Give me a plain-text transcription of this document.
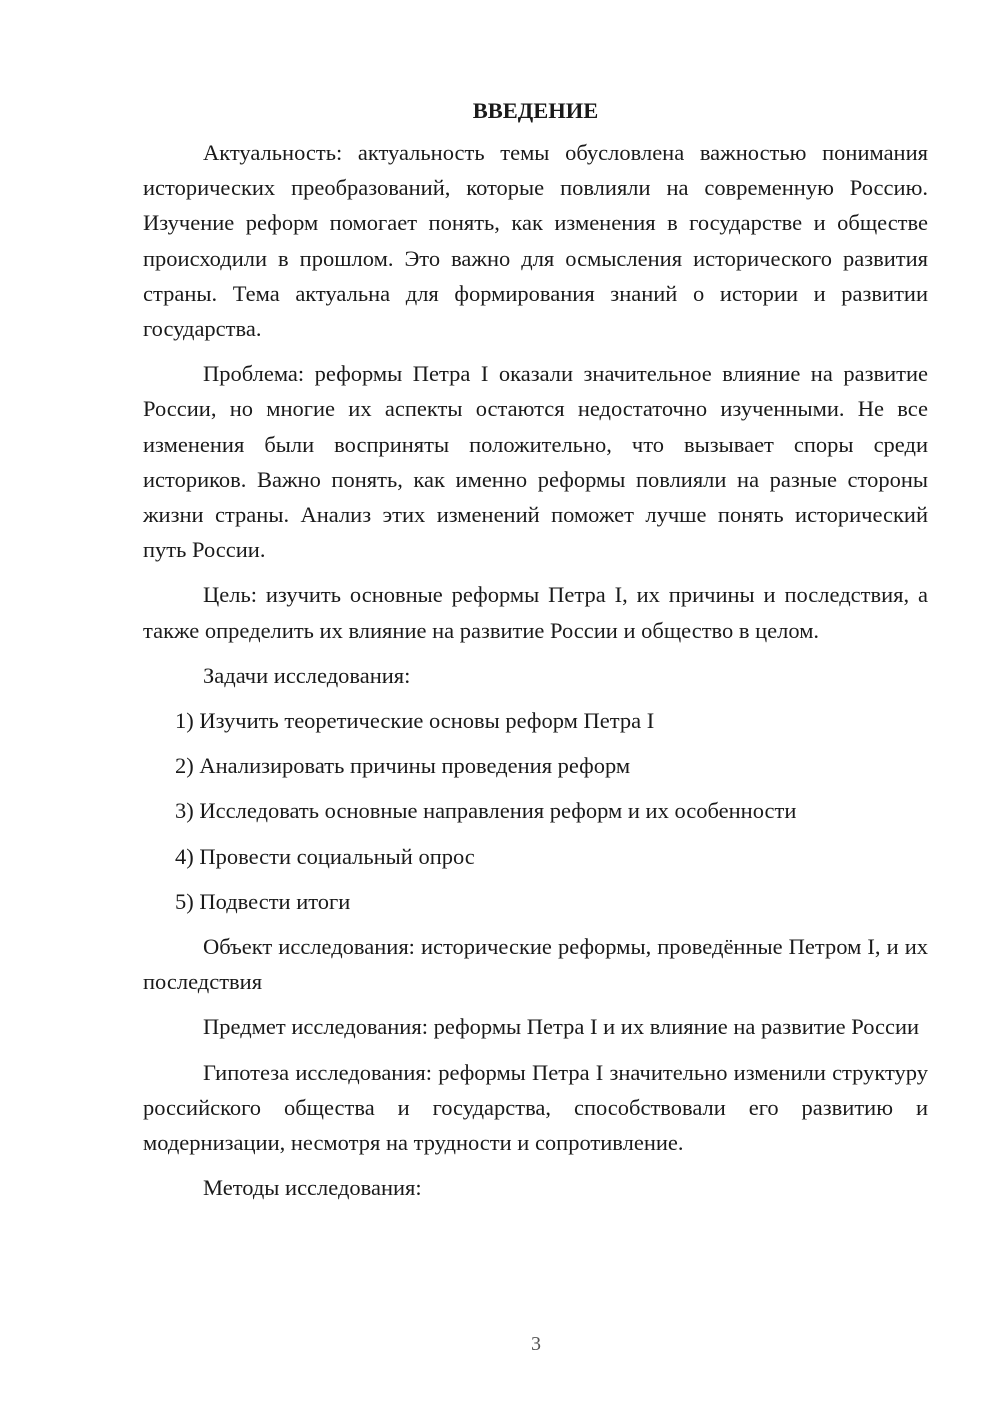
ВВЕДЕНИЕ

Актуальность: актуальность темы обусловлена важностью понимания исторических преобразований, которые повлияли на современную Россию. Изучение реформ помогает понять, как изменения в государстве и обществе происходили в прошлом. Это важно для осмысления исторического развития страны. Тема актуальна для формирования знаний о истории и развитии государства.

Проблема: реформы Петра I оказали значительное влияние на развитие России, но многие их аспекты остаются недостаточно изученными. Не все изменения были восприняты положительно, что вызывает споры среди историков. Важно понять, как именно реформы повлияли на разные стороны жизни страны. Анализ этих изменений поможет лучше понять исторический путь России.

Цель: изучить основные реформы Петра I, их причины и последствия, а также определить их влияние на развитие России и общество в целом.

Задачи исследования:

1) Изучить теоретические основы реформ Петра I
2) Анализировать причины проведения реформ
3) Исследовать основные направления реформ и их особенности
4) Провести социальный опрос
5) Подвести итоги

Объект исследования: исторические реформы, проведённые Петром I, и их последствия

Предмет исследования: реформы Петра I и их влияние на развитие России

Гипотеза исследования: реформы Петра I значительно изменили структуру российского общества и государства, способствовали его развитию и модернизации, несмотря на трудности и сопротивление.

Методы исследования:

3
